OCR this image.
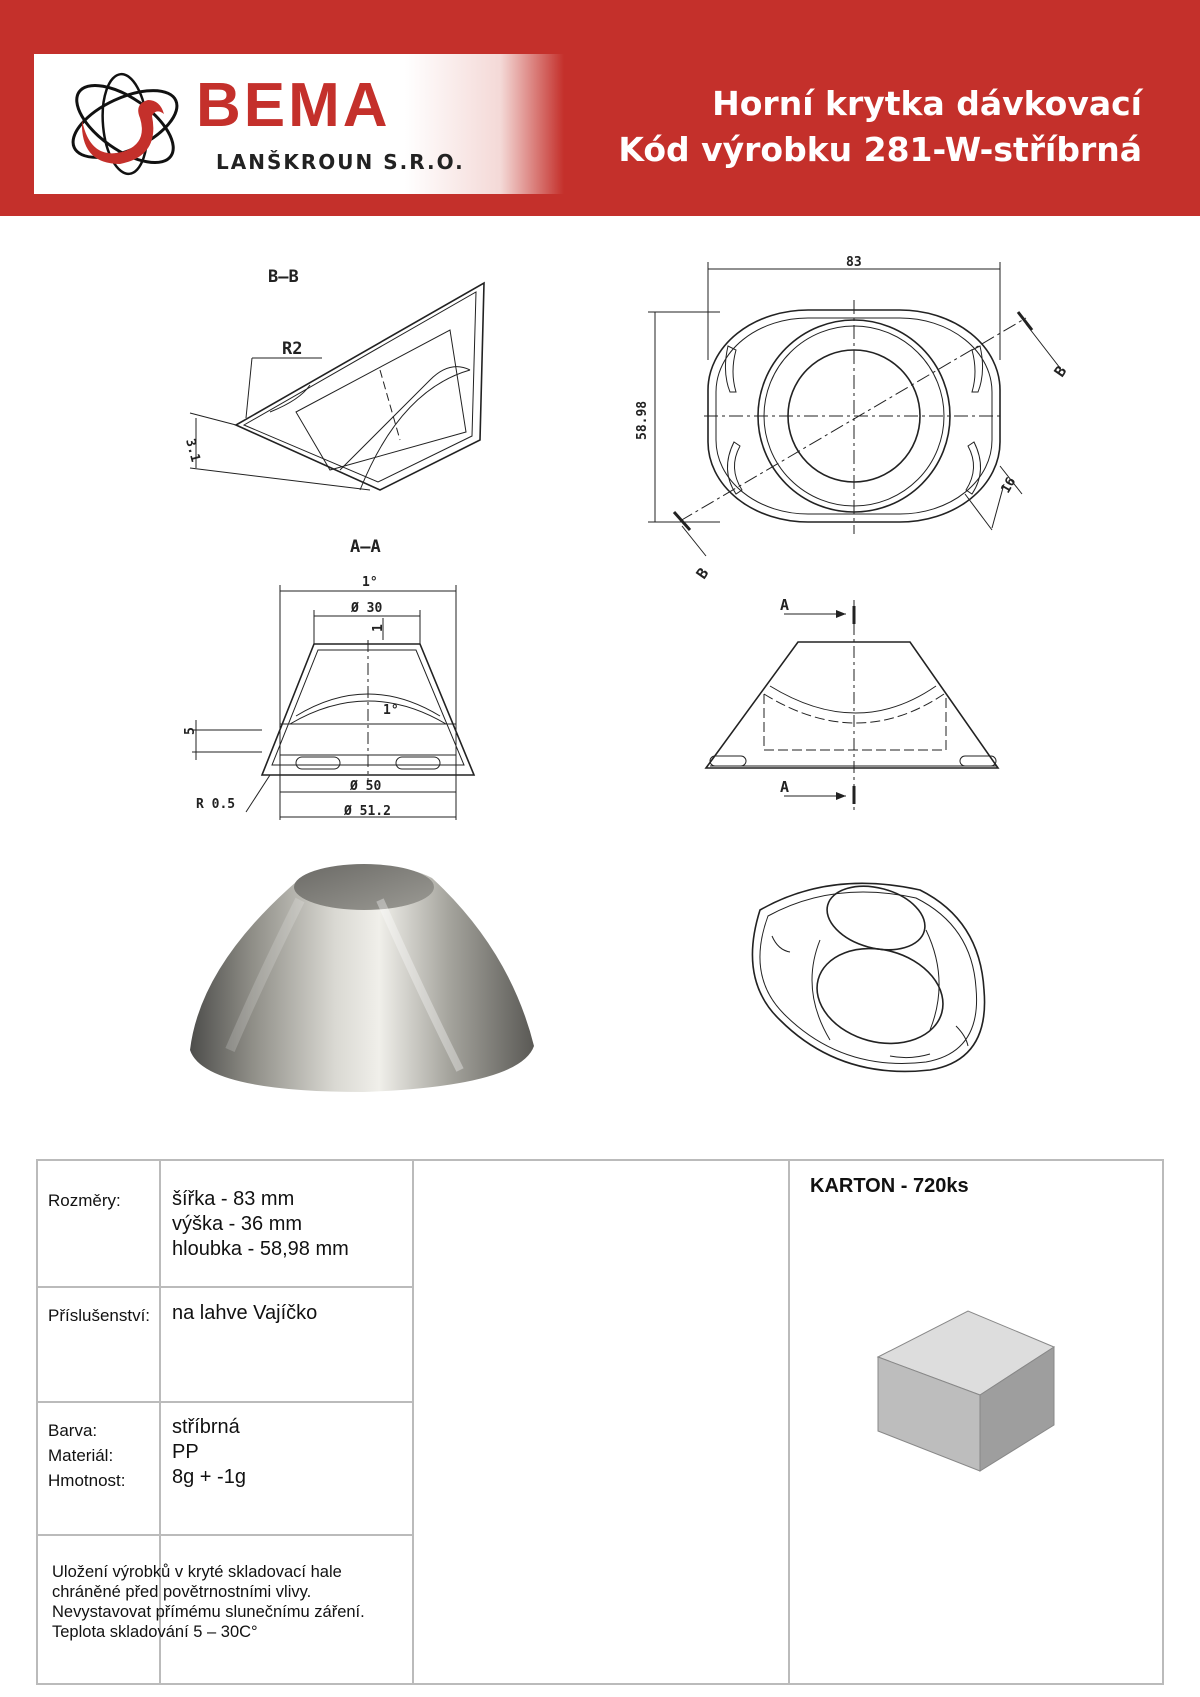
BEMA
LANŠKROUN S.R.O.
Horní krytka dávkovací
Kód výrobku 281-W-stříbrná
B–B
R2
3.1
83
58.98
16
B
B
A–A
1°
Ø 30
1
1°
5
R 0.5
Ø 50
Ø 51.2
A
A
Rozměry:	šířka - 83 mm
výška - 36 mm
hloubka - 58,98 mm
Příslušenství: na lahve Vajíčko
Barva:
Materiál:
Hmotnost:
stříbrná
PP
8g + -1g
Uložení výrobků v kryté skladovací hale
chráněné před povětrnostními vlivy.
Nevystavovat přímému slunečnímu záření.
Teplota skladování 5 – 30C°
KARTON - 720ks
